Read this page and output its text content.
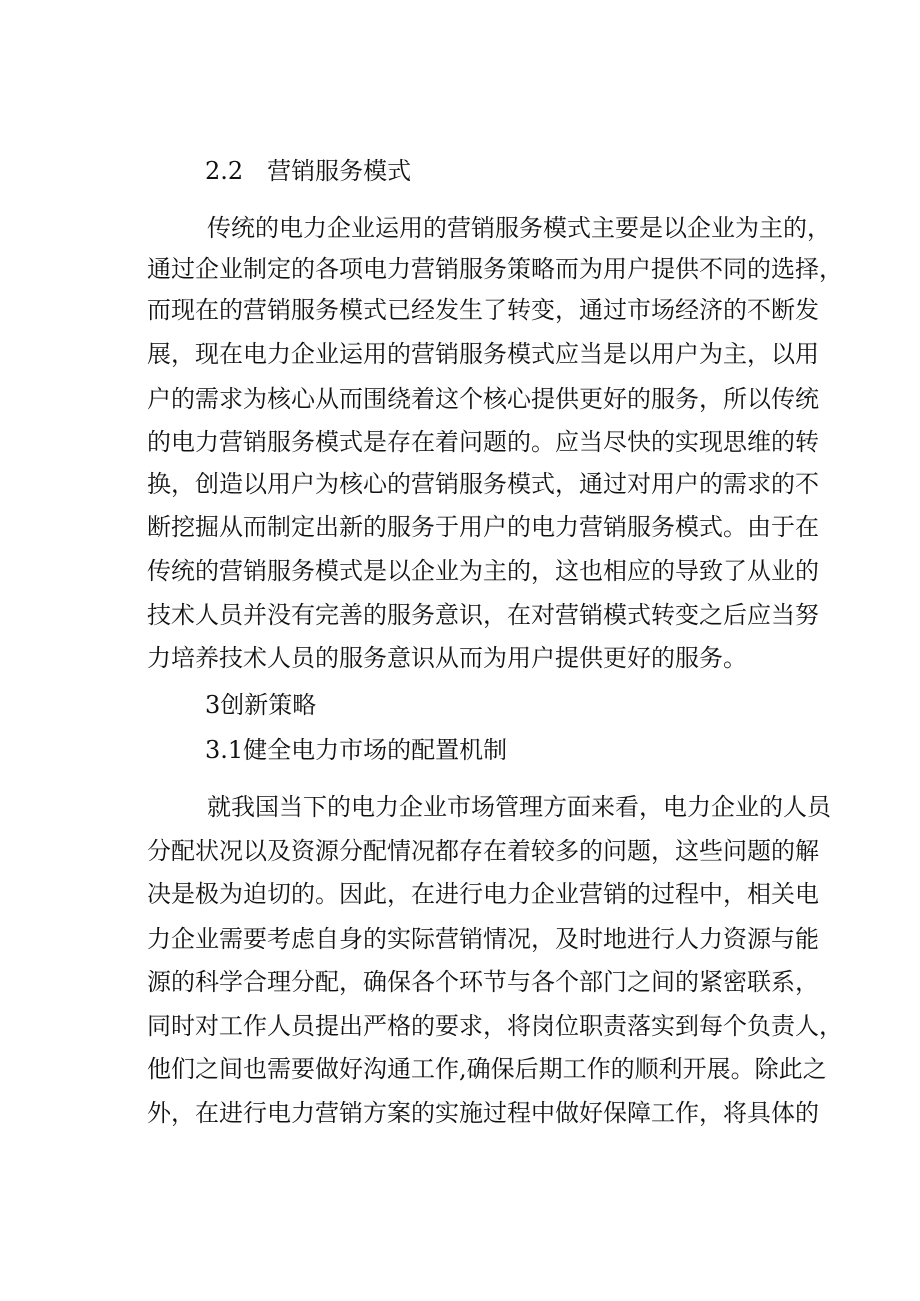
2.2　营销服务模式
传统的电力企业运用的营销服务模式主要是以企业为主的，
通过企业制定的各项电力营销服务策略而为用户提供不同的选择，
而现在的营销服务模式已经发生了转变，通过市场经济的不断发
展，现在电力企业运用的营销服务模式应当是以用户为主，以用
户的需求为核心从而围绕着这个核心提供更好的服务，所以传统
的电力营销服务模式是存在着问题的。应当尽快的实现思维的转
换，创造以用户为核心的营销服务模式，通过对用户的需求的不
断挖掘从而制定出新的服务于用户的电力营销服务模式。由于在
传统的营销服务模式是以企业为主的，这也相应的导致了从业的
技术人员并没有完善的服务意识，在对营销模式转变之后应当努
力培养技术人员的服务意识从而为用户提供更好的服务。
3创新策略
3.1健全电力市场的配置机制
就我国当下的电力企业市场管理方面来看，电力企业的人员
分配状况以及资源分配情况都存在着较多的问题，这些问题的解
决是极为迫切的。因此，在进行电力企业营销的过程中，相关电
力企业需要考虑自身的实际营销情况，及时地进行人力资源与能
源的科学合理分配，确保各个环节与各个部门之间的紧密联系，
同时对工作人员提出严格的要求，将岗位职责落实到每个负责人，
他们之间也需要做好沟通工作,确保后期工作的顺利开展。除此之
外，在进行电力营销方案的实施过程中做好保障工作，将具体的
